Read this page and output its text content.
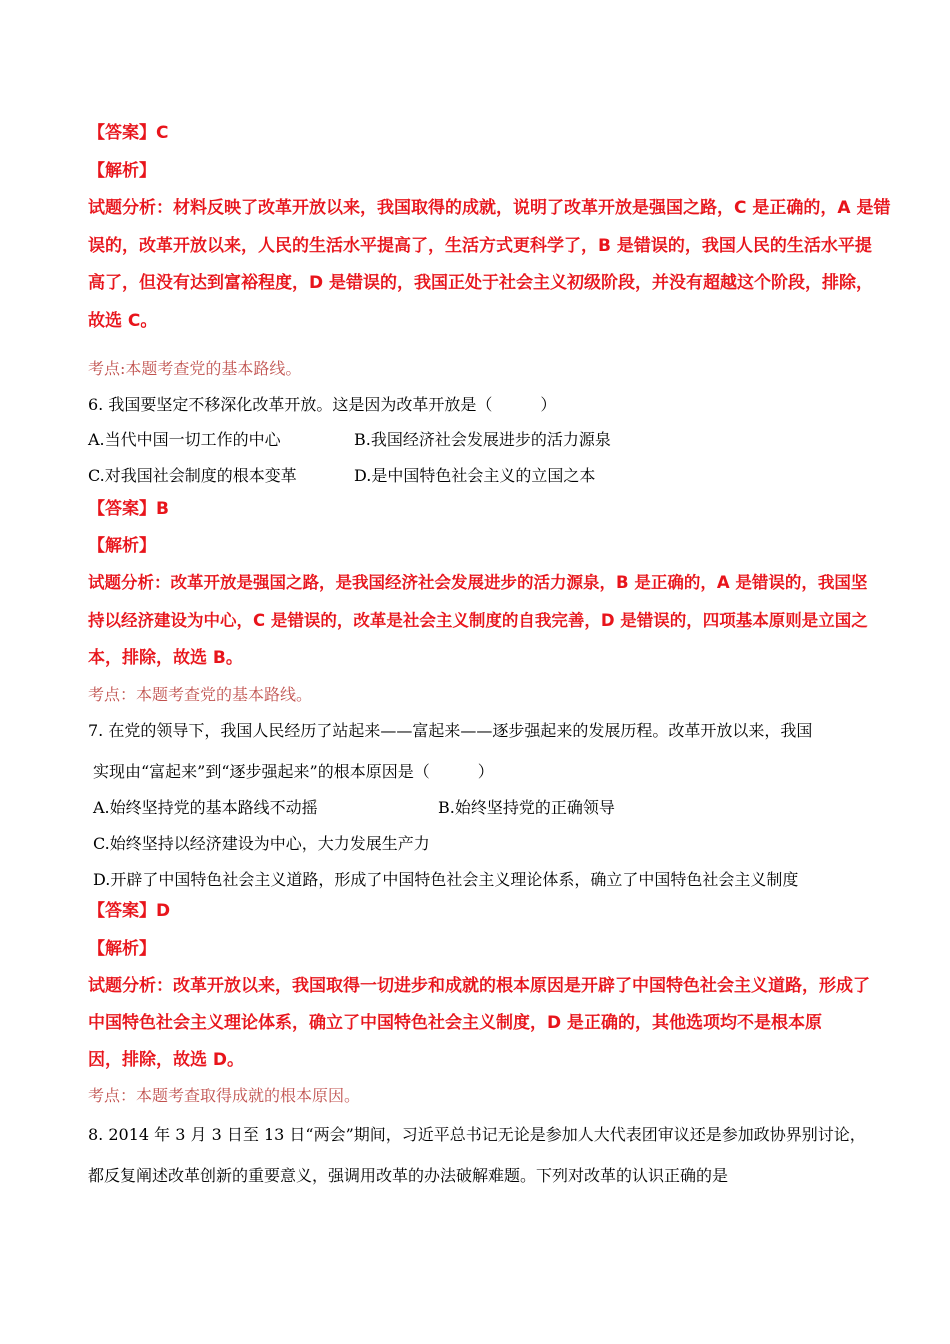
【答案】C
【解析】
试题分析：材料反映了改革开放以来，我国取得的成就，说明了改革开放是强国之路，C 是正确的，A 是错
误的，改革开放以来，人民的生活水平提高了，生活方式更科学了，B 是错误的，我国人民的生活水平提
高了，但没有达到富裕程度，D 是错误的，我国正处于社会主义初级阶段，并没有超越这个阶段，排除，
故选 C。
考点:本题考查党的基本路线。
6. 我国要坚定不移深化改革开放。这是因为改革开放是（　　　）
A.当代中国一切工作的中心	B.我国经济社会发展进步的活力源泉
C.对我国社会制度的根本变革	D.是中国特色社会主义的立国之本
【答案】B
【解析】
试题分析：改革开放是强国之路，是我国经济社会发展进步的活力源泉，B 是正确的，A 是错误的，我国坚
持以经济建设为中心，C 是错误的，改革是社会主义制度的自我完善，D 是错误的，四项基本原则是立国之
本，排除，故选 B。
考点：本题考查党的基本路线。
7. 在党的领导下，我国人民经历了站起来——富起来——逐步强起来的发展历程。改革开放以来，我国
实现由“富起来”到“逐步强起来”的根本原因是（　　　）
A.始终坚持党的基本路线不动摇	B.始终坚持党的正确领导
C.始终坚持以经济建设为中心，大力发展生产力
D.开辟了中国特色社会主义道路，形成了中国特色社会主义理论体系，确立了中国特色社会主义制度
【答案】D
【解析】
试题分析：改革开放以来，我国取得一切进步和成就的根本原因是开辟了中国特色社会主义道路，形成了
中国特色社会主义理论体系，确立了中国特色社会主义制度，D 是正确的，其他选项均不是根本原
因，排除，故选 D。
考点：本题考查取得成就的根本原因。
8. 2014 年 3 月 3 日至 13 日“两会”期间，习近平总书记无论是参加人大代表团审议还是参加政协界别讨论，
都反复阐述改革创新的重要意义，强调用改革的办法破解难题。下列对改革的认识正确的是
